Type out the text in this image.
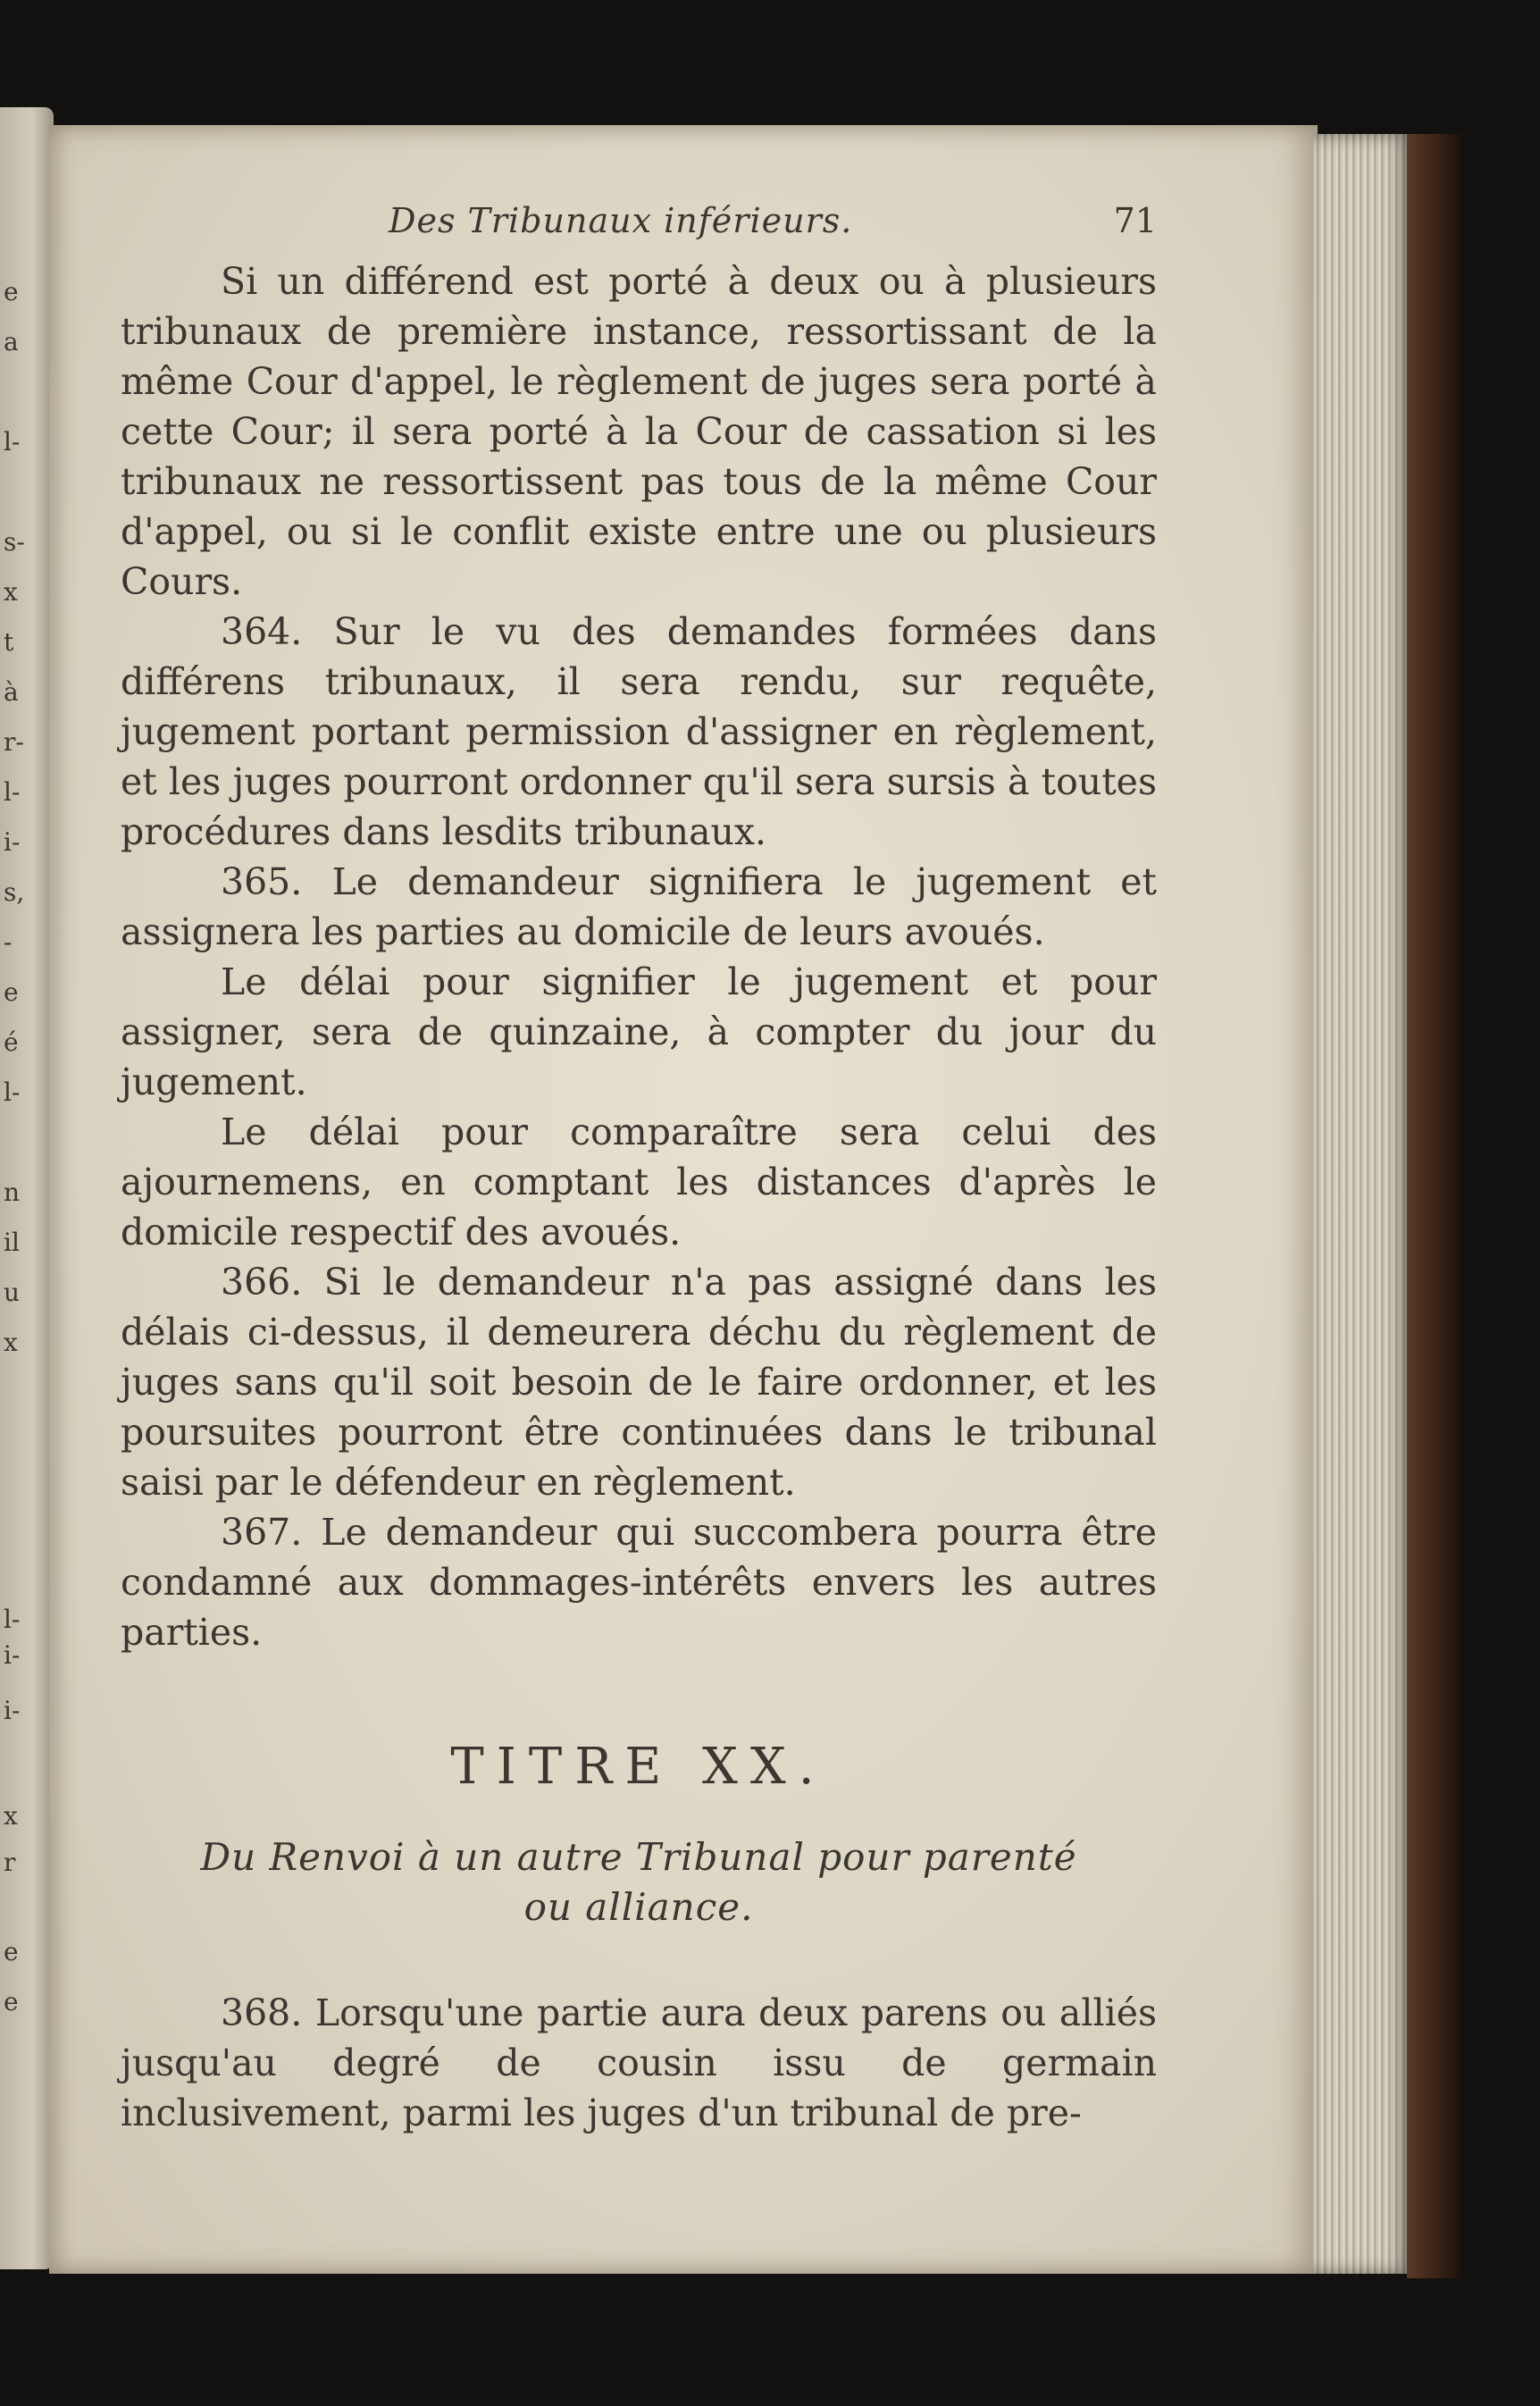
e
a
l-
s-
x
t
à
r-
l-
i-
s,
-
e
é
l-
n
il
u
x
l-
i-
i-
x
r
e
e
Des Tribunaux inférieurs.	71

Si un différend est porté à deux ou à plusieurs tribunaux de première instance, ressortissant de la même Cour d'appel, le règlement de juges sera porté à cette Cour; il sera porté à la Cour de cassation si les tribunaux ne ressortissent pas tous de la même Cour d'appel, ou si le conflit existe entre une ou plusieurs Cours.

364. Sur le vu des demandes formées dans différens tribunaux, il sera rendu, sur requête, jugement portant permission d'assigner en règlement, et les juges pourront ordonner qu'il sera sursis à toutes procédures dans lesdits tribunaux.

365. Le demandeur signifiera le jugement et assignera les parties au domicile de leurs avoués.

Le délai pour signifier le jugement et pour assigner, sera de quinzaine, à compter du jour du jugement.

Le délai pour comparaître sera celui des ajournemens, en comptant les distances d'après le domicile respectif des avoués.

366. Si le demandeur n'a pas assigné dans les délais ci-dessus, il demeurera déchu du règlement de juges sans qu'il soit besoin de le faire ordonner, et les poursuites pourront être continuées dans le tribunal saisi par le défendeur en règlement.

367. Le demandeur qui succombera pourra être condamné aux dommages-intérêts envers les autres parties.

TITRE XX.
Du Renvoi à un autre Tribunal pour parenté
ou alliance.

368. Lorsqu'une partie aura deux parens ou alliés jusqu'au degré de cousin issu de germain inclusivement, parmi les juges d'un tribunal de pre-
